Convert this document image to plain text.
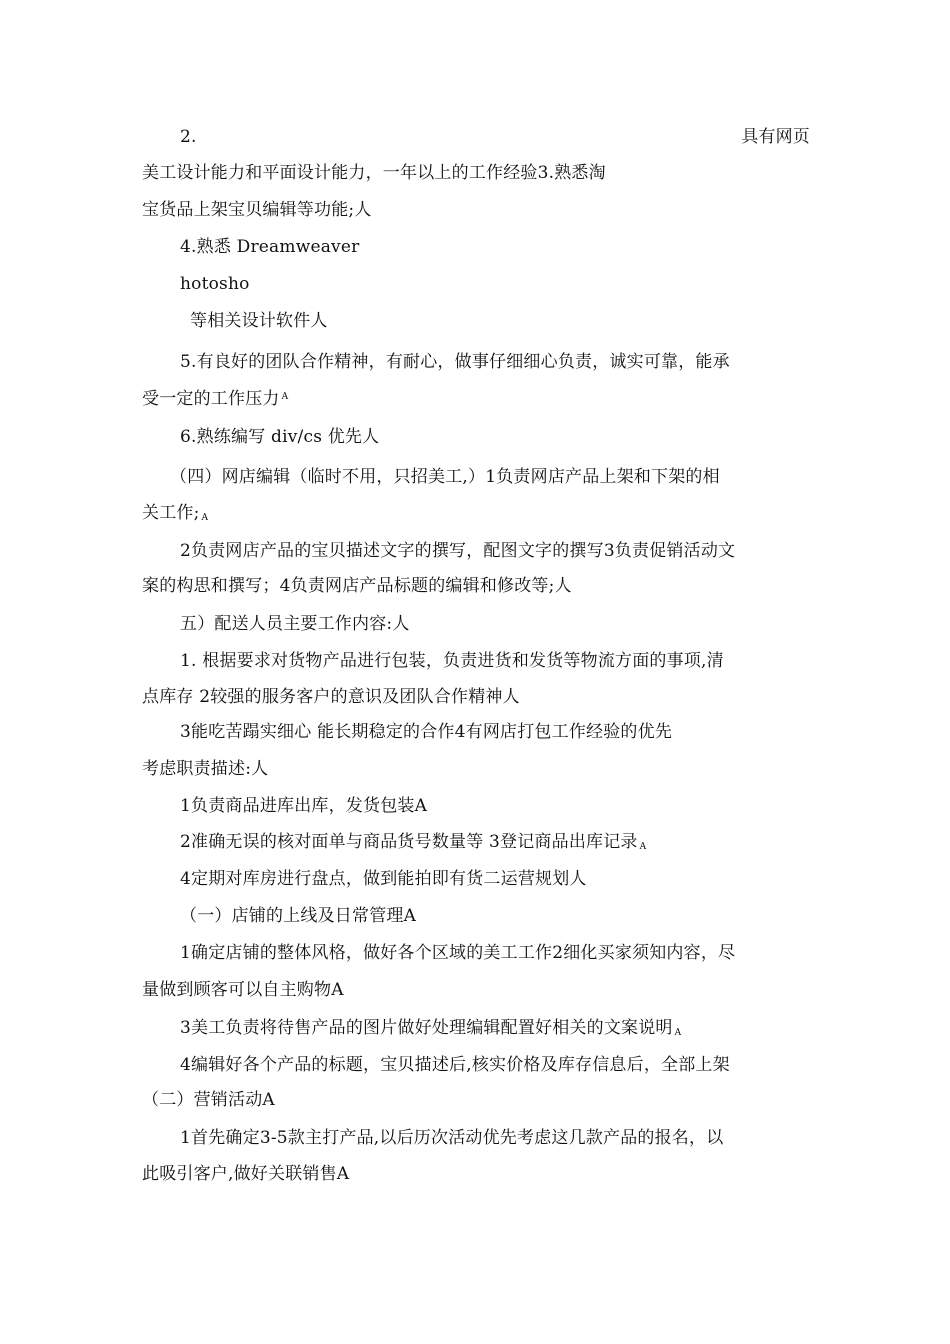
2.	具有网页
美工设计能力和平面设计能力，一年以上的工作经验3.熟悉淘
宝货品上架宝贝编辑等功能;人
4.熟悉 Dreamweaver
hotosho
等相关设计软件人
5.有良好的团队合作精神，有耐心，做事仔细细心负责，诚实可靠，能承
受一定的工作压力 $^A$
6.熟练编写 div/cs 优先人
（四）网店编辑（临时不用，只招美工,）1负责网店产品上架和下架的相
关工作; A
2负责网店产品的宝贝描述文字的撰写，配图文字的撰写3负责促销活动文
案的构思和撰写；4负责网店产品标题的编辑和修改等;人
五）配送人员主要工作内容:人
1. 根据要求对货物产品进行包装，负责进货和发货等物流方面的事项,清
点库存 2较强的服务客户的意识及团队合作精神人
3能吃苦蹋实细心 能长期稳定的合作4有网店打包工作经验的优先
考虑职责描述:人
1负责商品进库出库，发货包装A
2准确无误的核对面单与商品货号数量等 3登记商品出库记录 A
4定期对库房进行盘点，做到能拍即有货二运营规划人
（一）店铺的上线及日常管理A
1确定店铺的整体风格，做好各个区域的美工工作2细化买家须知内容，尽
量做到顾客可以自主购物A
3美工负责将待售产品的图片做好处理编辑配置好相关的文案说明 A
4编辑好各个产品的标题，宝贝描述后,核实价格及库存信息后，全部上架
（二）营销活动A
1首先确定3-5款主打产品,以后历次活动优先考虑这几款产品的报名，以
此吸引客户,做好关联销售A
